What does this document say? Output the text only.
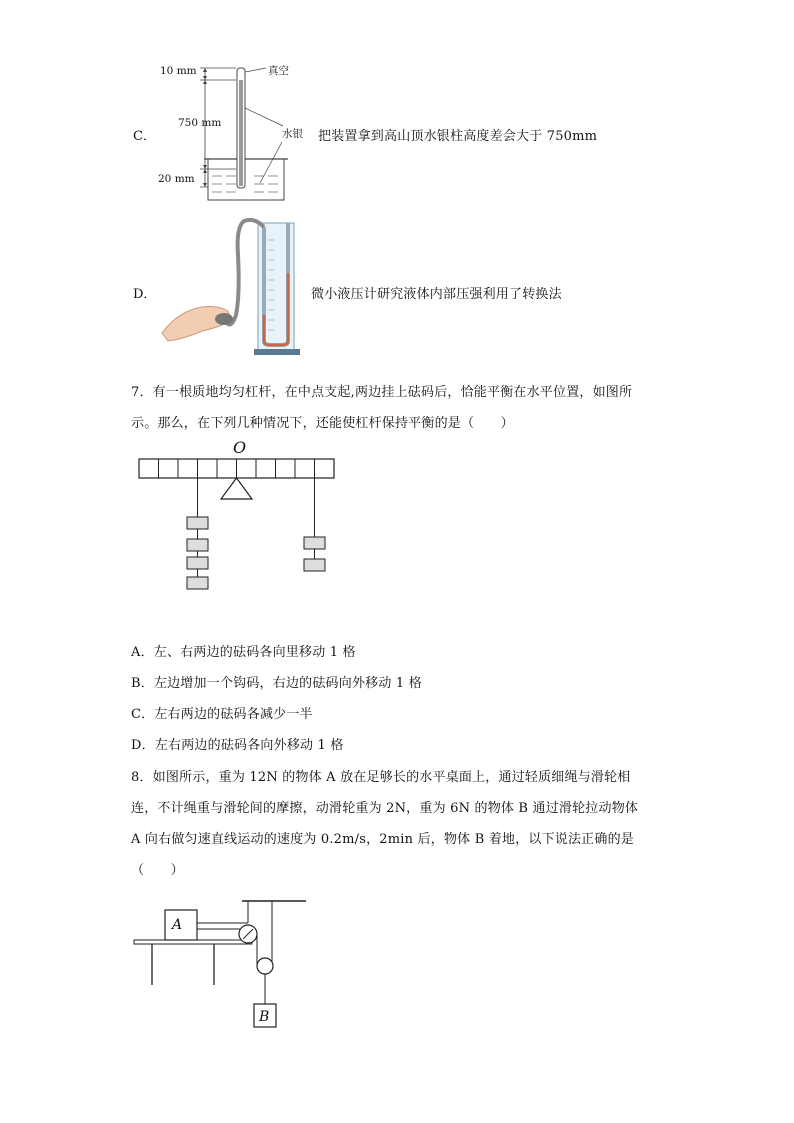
C．
10 mm
750 mm
20 mm
真空
水银 把装置拿到高山顶水银柱高度差会大于 750mm
D．	微小液压计研究液体内部压强利用了转换法
7．有一根质地均匀杠杆，在中点支起,两边挂上砝码后，恰能平衡在水平位置，如图所
示。那么，在下列几种情况下，还能使杠杆保持平衡的是（　　）
O
A．左、右两边的砝码各向里移动 1 格
B．左边增加一个钩码，右边的砝码向外移动 1 格
C．左右两边的砝码各减少一半
D．左右两边的砝码各向外移动 1 格
8．如图所示，重为 12N 的物体 A 放在足够长的水平桌面上，通过轻质细绳与滑轮相
连，不计绳重与滑轮间的摩擦，动滑轮重为 2N，重为 6N 的物体 B 通过滑轮拉动物体
A 向右做匀速直线运动的速度为 0.2m/s，2min 后，物体 B 着地，以下说法正确的是
（　　）
A
B
